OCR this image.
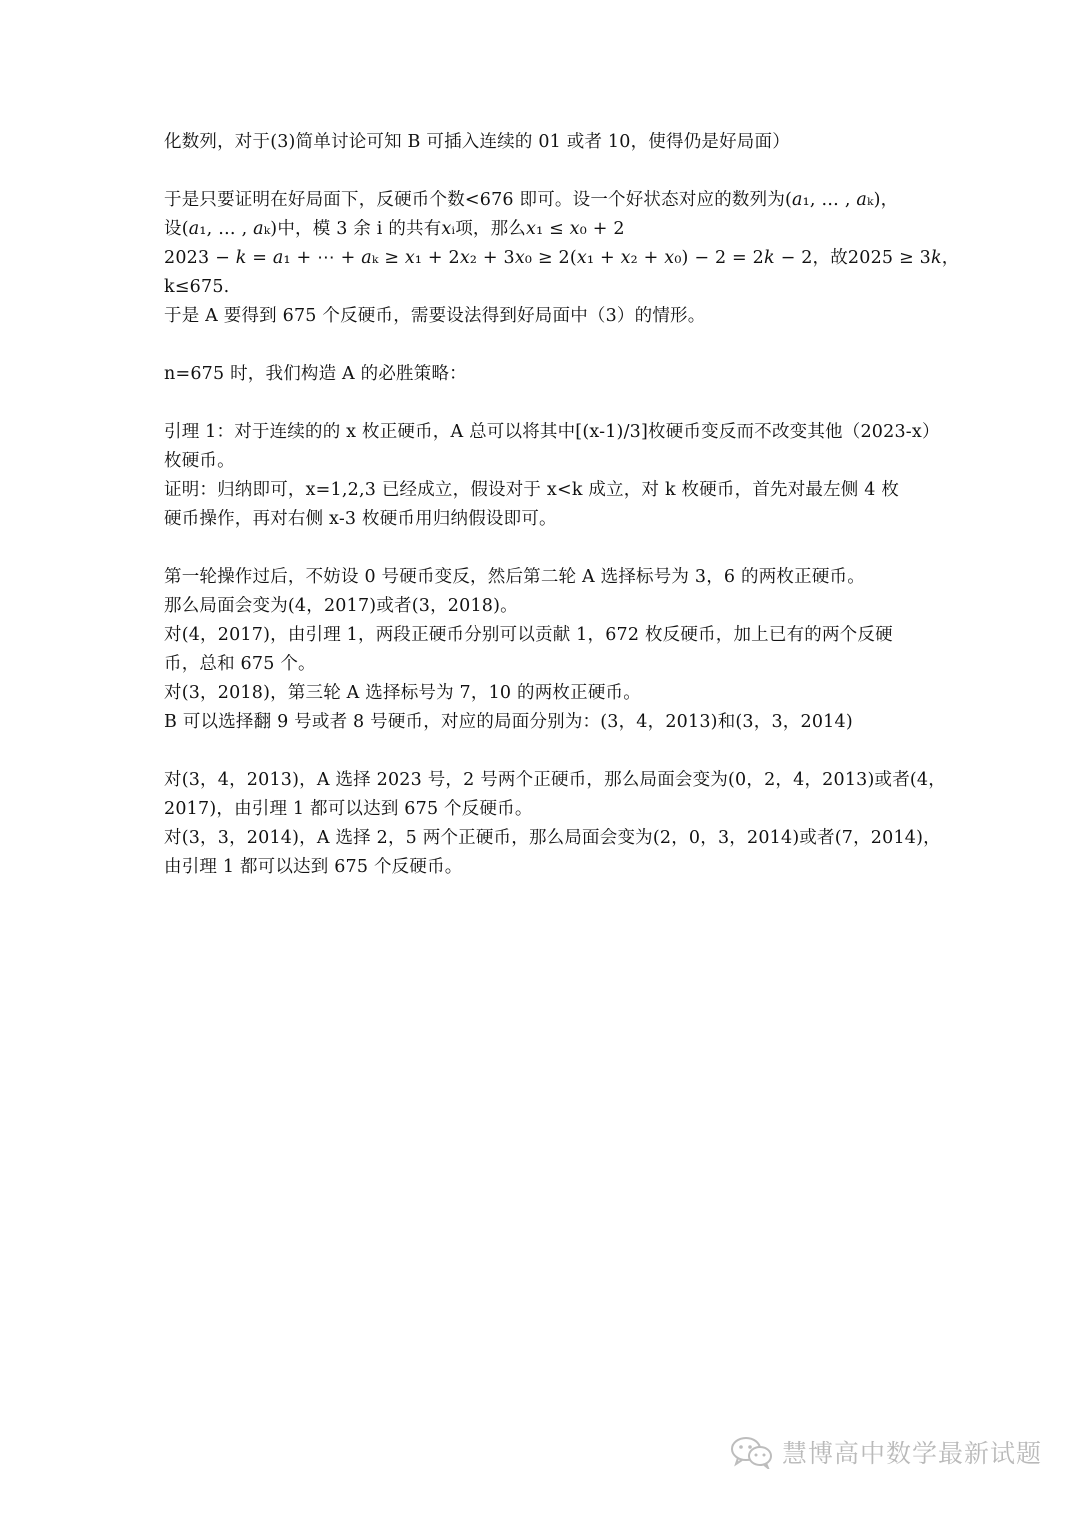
化数列，对于(3)简单讨论可知 B 可插入连续的 01 或者 10，使得仍是好局面）
于是只要证明在好局面下，反硬币个数<676 即可。设一个好状态对应的数列为(𝑎₁, … , 𝑎ₖ)，
设(𝑎₁, … , 𝑎ₖ)中，模 3 余 i 的共有𝑥ᵢ项，那么𝑥₁ ≤ 𝑥₀ + 2
2023 − 𝑘 = 𝑎₁ + ⋯ + 𝑎ₖ ≥ 𝑥₁ + 2𝑥₂ + 3𝑥₀ ≥ 2(𝑥₁ + 𝑥₂ + 𝑥₀) − 2 = 2𝑘 − 2，故2025 ≥ 3𝑘，
k≤675.
于是 A 要得到 675 个反硬币，需要设法得到好局面中（3）的情形。
n=675 时，我们构造 A 的必胜策略：
引理 1：对于连续的的 x 枚正硬币，A 总可以将其中[(x-1)/3]枚硬币变反而不改变其他（2023-x）
枚硬币。
证明：归纳即可，x=1,2,3 已经成立，假设对于 x<k 成立，对 k 枚硬币，首先对最左侧 4 枚
硬币操作，再对右侧 x-3 枚硬币用归纳假设即可。
第一轮操作过后，不妨设 0 号硬币变反，然后第二轮 A 选择标号为 3，6 的两枚正硬币。
那么局面会变为(4，2017)或者(3，2018)。
对(4，2017)，由引理 1，两段正硬币分别可以贡献 1，672 枚反硬币，加上已有的两个反硬
币，总和 675 个。
对(3，2018)，第三轮 A 选择标号为 7，10 的两枚正硬币。
B 可以选择翻 9 号或者 8 号硬币，对应的局面分别为：(3，4，2013)和(3，3，2014)
对(3，4，2013)，A 选择 2023 号，2 号两个正硬币，那么局面会变为(0，2，4，2013)或者(4，
2017)，由引理 1 都可以达到 675 个反硬币。
对(3，3，2014)，A 选择 2，5 两个正硬币，那么局面会变为(2，0，3，2014)或者(7，2014)，
由引理 1 都可以达到 675 个反硬币。
慧博高中数学最新试题
